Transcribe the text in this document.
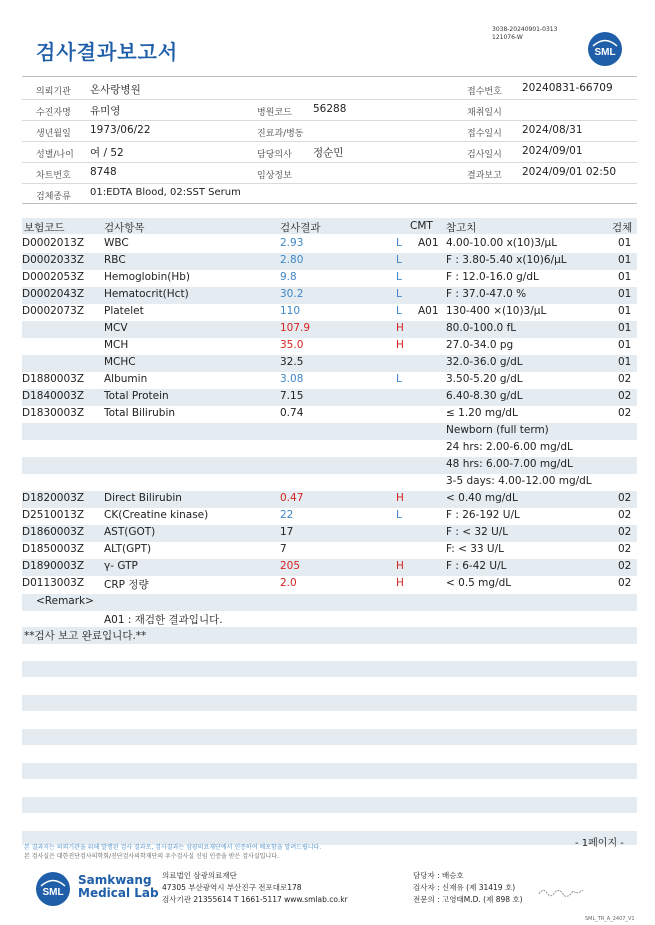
검사결과보고서
3038-20240901-0313
121076-W
SML
의뢰기관 온사랑병원	접수번호 20240831-66709
수진자명 유미영	병원코드 56288	채취일시
생년월일 1973/06/22	진료과/병동	접수일시 2024/08/31
성별/나이 여 / 52	담당의사 정순민	검사일시 2024/09/01
차트번호 8748	임상정보	결과보고 2024/09/01 02:50
검체종류 01:EDTA Blood, 02:SST Serum
보험코드	검사항목	검사결과	CMT 참고치	검체
D0002013Z WBC	2.93	L A01 4.00-10.00 x(10)3/μL	01
D0002033Z RBC	2.80	L	F : 3.80-5.40 x(10)6/μL	01
D0002053Z Hemoglobin(Hb)	9.8	L	F : 12.0-16.0 g/dL	01
D0002043Z Hematocrit(Hct)	30.2	L	F : 37.0-47.0 %	01
D0002073Z Platelet	110	L A01 130-400 ×(10)3/μL	01
MCV	107.9	H	80.0-100.0 fL	01
MCH	35.0	H	27.0-34.0 pg	01
MCHC	32.5	32.0-36.0 g/dL	01
D1880003Z Albumin	3.08	L	3.50-5.20 g/dL	02
D1840003Z Total Protein	7.15	6.40-8.30 g/dL	02
D1830003Z Total Bilirubin	0.74	≤ 1.20 mg/dL	02
Newborn (full term)
24 hrs: 2.00-6.00 mg/dL
48 hrs: 6.00-7.00 mg/dL
3-5 days: 4.00-12.00 mg/dL
D1820003Z Direct Bilirubin	0.47	H	< 0.40 mg/dL	02
D2510013Z CK(Creatine kinase)	22	L	F : 26-192 U/L	02
D1860003Z AST(GOT)	17	F : < 32 U/L	02
D1850003Z ALT(GPT)	7	F: < 33 U/L	02
D1890003Z γ- GTP	205	H	F : 6-42 U/L	02
D0113003Z CRP 정량	2.0	H	< 0.5 mg/dL	02
<Remark>
A01 : 재검한 결과입니다.
**검사 보고 완료입니다.**
본 결과지는 의뢰기관을 위해 발행된 검사 결과로, 검사결과는 삼광의료재단에서 인증하여 배포함을 알려드립니다.
본 검사실은 대한진단검사의학회/진단검사의학재단의 우수검사실 신임 인증을 받은 검사실입니다.
- 1페이지 -
SML
Samkwang
Medical Lab
의료법인 삼광의료재단
47305 부산광역시 부산진구 전포대로178
검사기관 21355614 T 1661-5117 www.smlab.co.kr
담당자 : 배승호
검사자 : 신재유 (제 31419 호)
전문의 : 고영태M.D. (제 898 호)
SML_TR_A_2407_V1
